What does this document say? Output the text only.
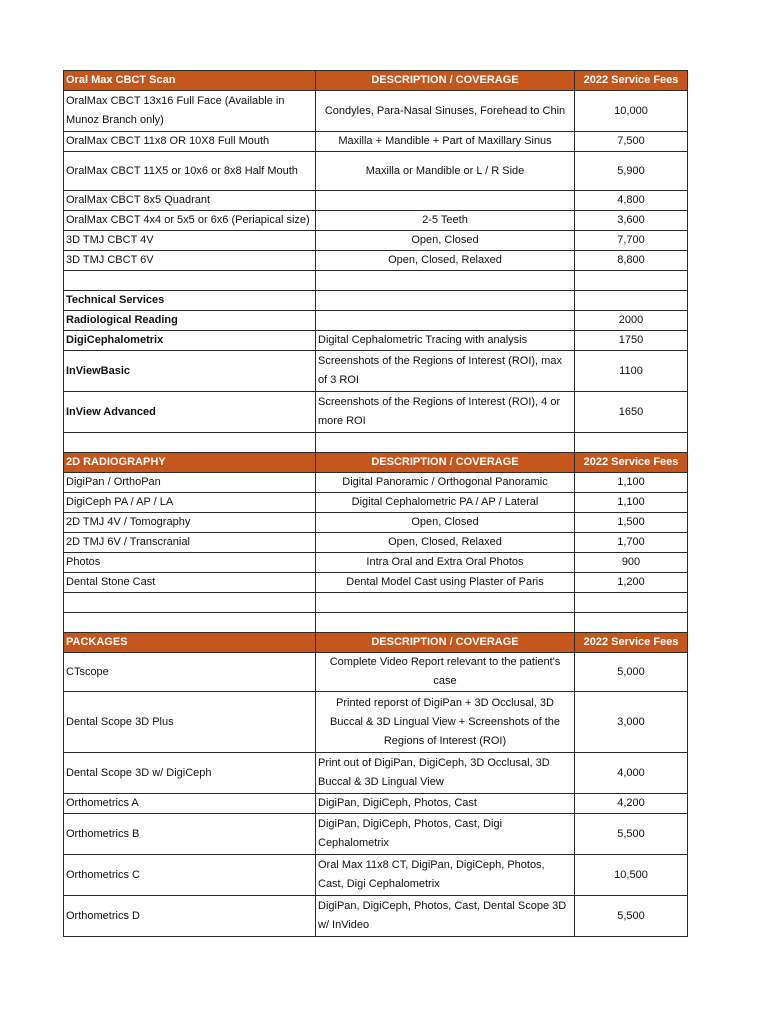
Oral Max CBCT Scan	DESCRIPTION / COVERAGE	2022 Service Fees
OralMax CBCT 13x16 Full Face (Available in Munoz Branch only)	Condyles, Para-Nasal Sinuses, Forehead to Chin	10,000
OralMax CBCT 11x8 OR 10X8 Full Mouth	Maxilla + Mandible + Part of Maxillary Sinus	7,500
OralMax CBCT 11X5 or 10x6 or 8x8 Half Mouth	Maxilla or Mandible or L / R Side	5,900
OralMax CBCT 8x5 Quadrant		4,800
OralMax CBCT 4x4 or 5x5 or 6x6 (Periapical size)	2-5 Teeth	3,600
3D TMJ CBCT 4V	Open, Closed	7,700
3D TMJ CBCT 6V	Open, Closed, Relaxed	8,800

Technical Services		
Radiological Reading		2000
DigiCephalometrix	Digital Cephalometric Tracing with analysis	1750
InViewBasic	Screenshots of the Regions of Interest (ROI), max of 3 ROI	1100
InView Advanced	Screenshots of the Regions of Interest (ROI), 4 or more ROI	1650

2D RADIOGRAPHY	DESCRIPTION / COVERAGE	2022 Service Fees
DigiPan / OrthoPan	Digital Panoramic / Orthogonal Panoramic	1,100
DigiCeph PA / AP / LA	Digital Cephalometric PA / AP / Lateral	1,100
2D TMJ 4V / Tomography	Open, Closed	1,500
2D TMJ 6V / Transcranial	Open, Closed, Relaxed	1,700
Photos	Intra Oral and Extra Oral Photos	900
Dental Stone Cast	Dental Model Cast using Plaster of Paris	1,200

PACKAGES	DESCRIPTION / COVERAGE	2022 Service Fees
CTscope	Complete Video Report relevant to the patient's case	5,000
Dental Scope 3D Plus	Printed reporst of DigiPan + 3D Occlusal, 3D Buccal & 3D Lingual View + Screenshots of the Regions of Interest (ROI)	3,000
Dental Scope 3D w/ DigiCeph	Print out of DigiPan, DigiCeph, 3D Occlusal, 3D Buccal & 3D Lingual View	4,000
Orthometrics A	DigiPan, DigiCeph, Photos, Cast	4,200
Orthometrics B	DigiPan, DigiCeph, Photos, Cast, Digi Cephalometrix	5,500
Orthometrics C	Oral Max 11x8 CT, DigiPan, DigiCeph, Photos, Cast, Digi Cephalometrix	10,500
Orthometrics D	DigiPan, DigiCeph, Photos, Cast, Dental Scope 3D w/ InVideo	5,500
